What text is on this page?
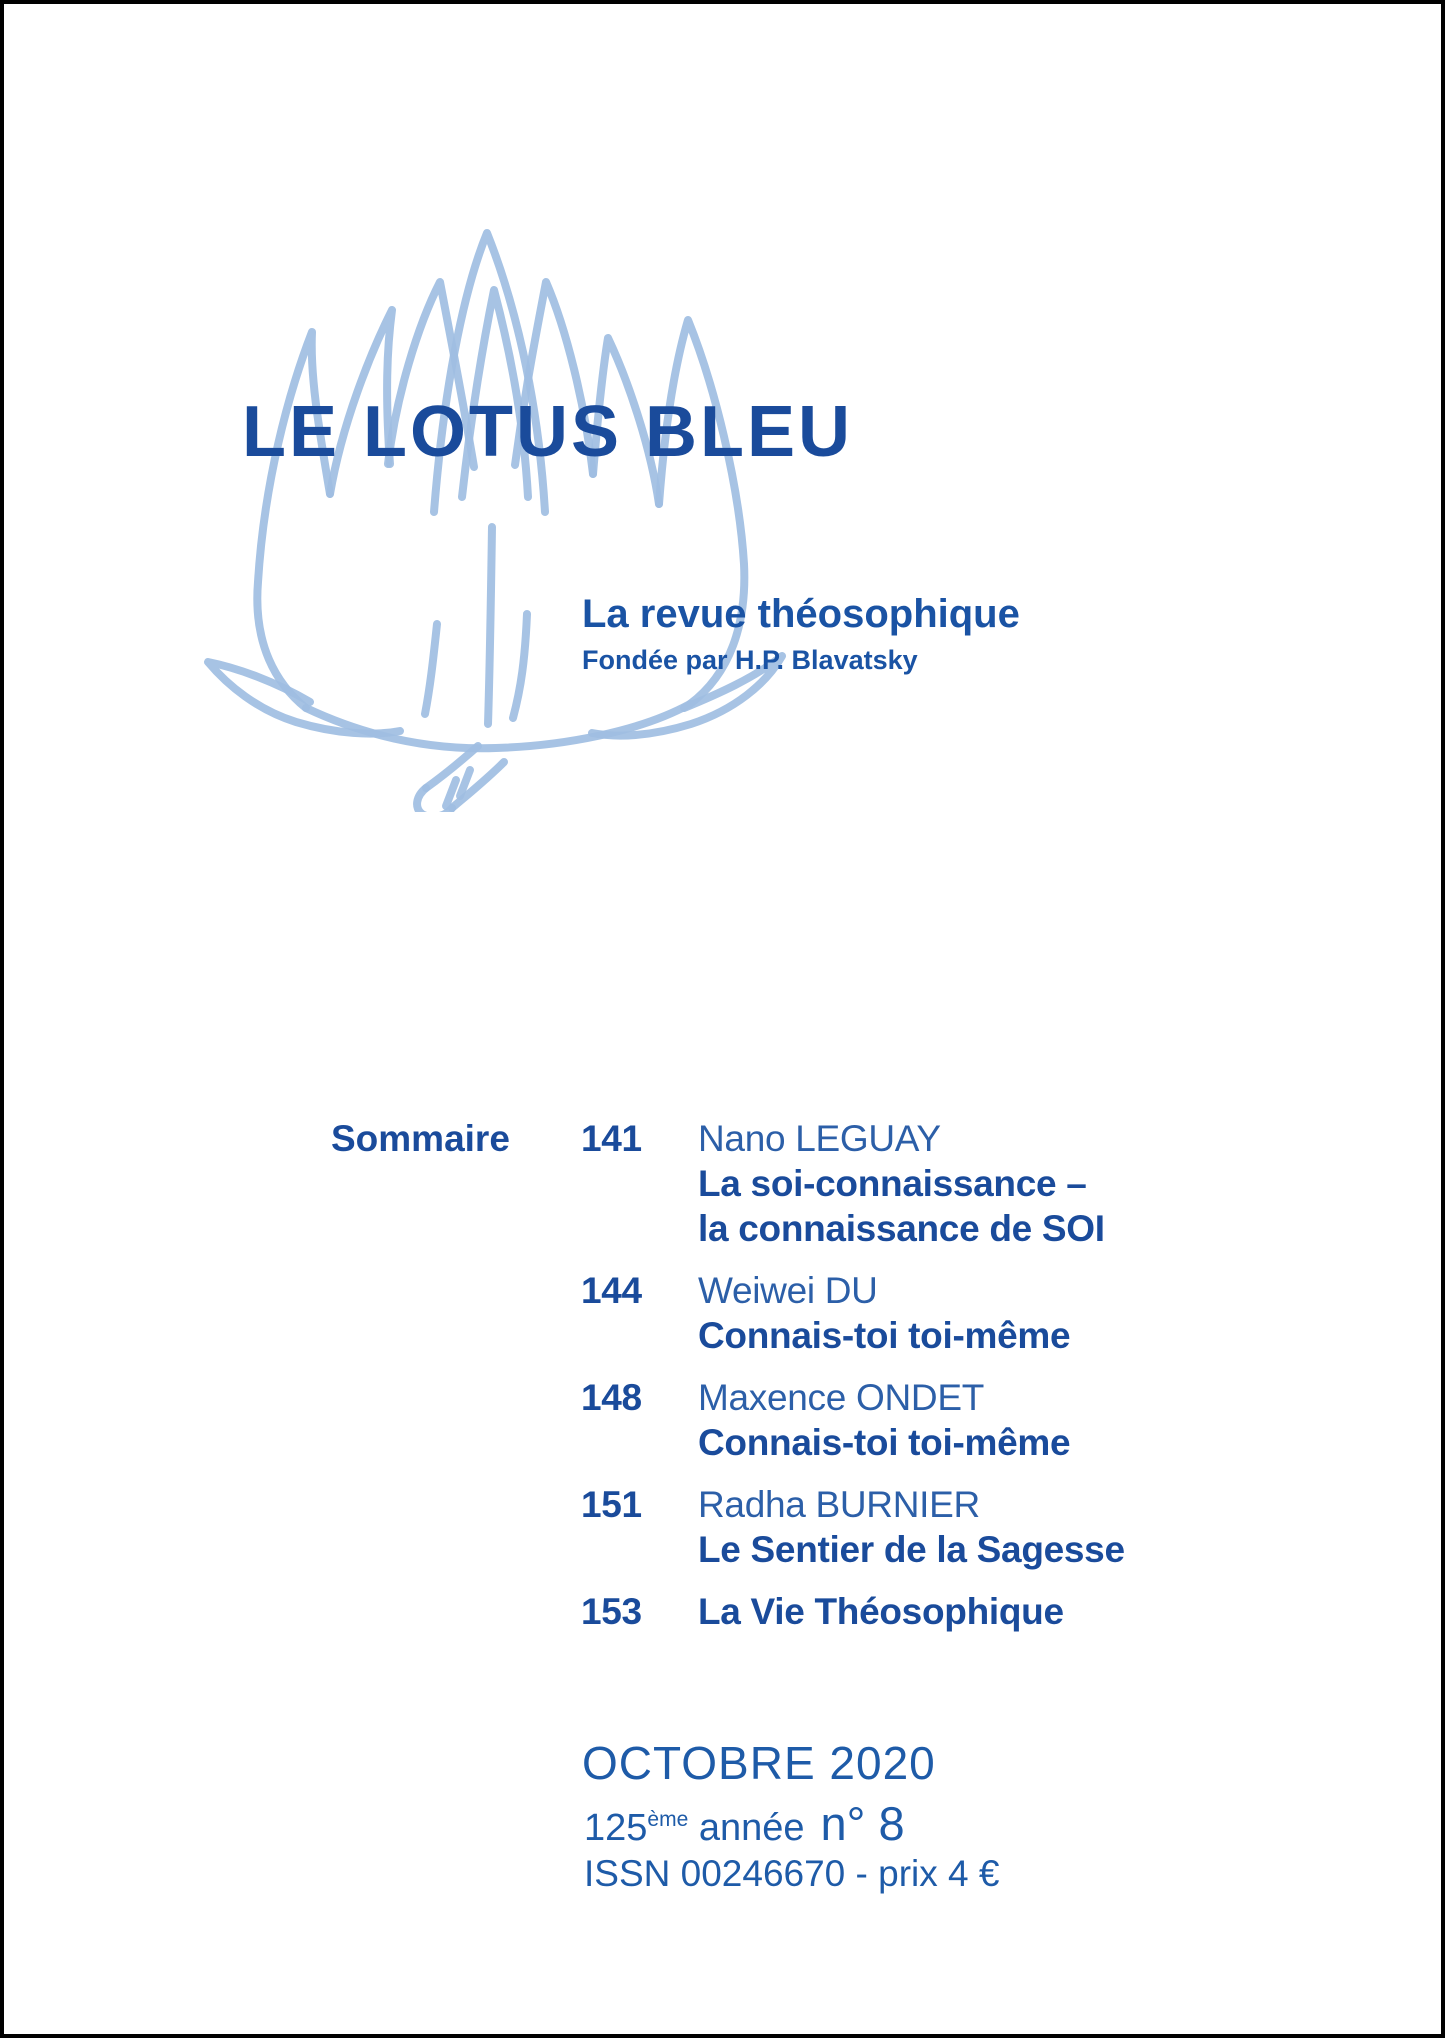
LE LOTUS BLEU
La revue théosophique
Fondée par H.P. Blavatsky
Sommaire 141 Nano LEGUAY
La soi-connaissance –
la connaissance de SOI
144 Weiwei DU
Connais-toi toi-même
148 Maxence ONDET
Connais-toi toi-même
151 Radha BURNIER
Le Sentier de la Sagesse
153 La Vie Théosophique
OCTOBRE 2020
125ème année n° 8
ISSN 00246670 - prix 4 €
